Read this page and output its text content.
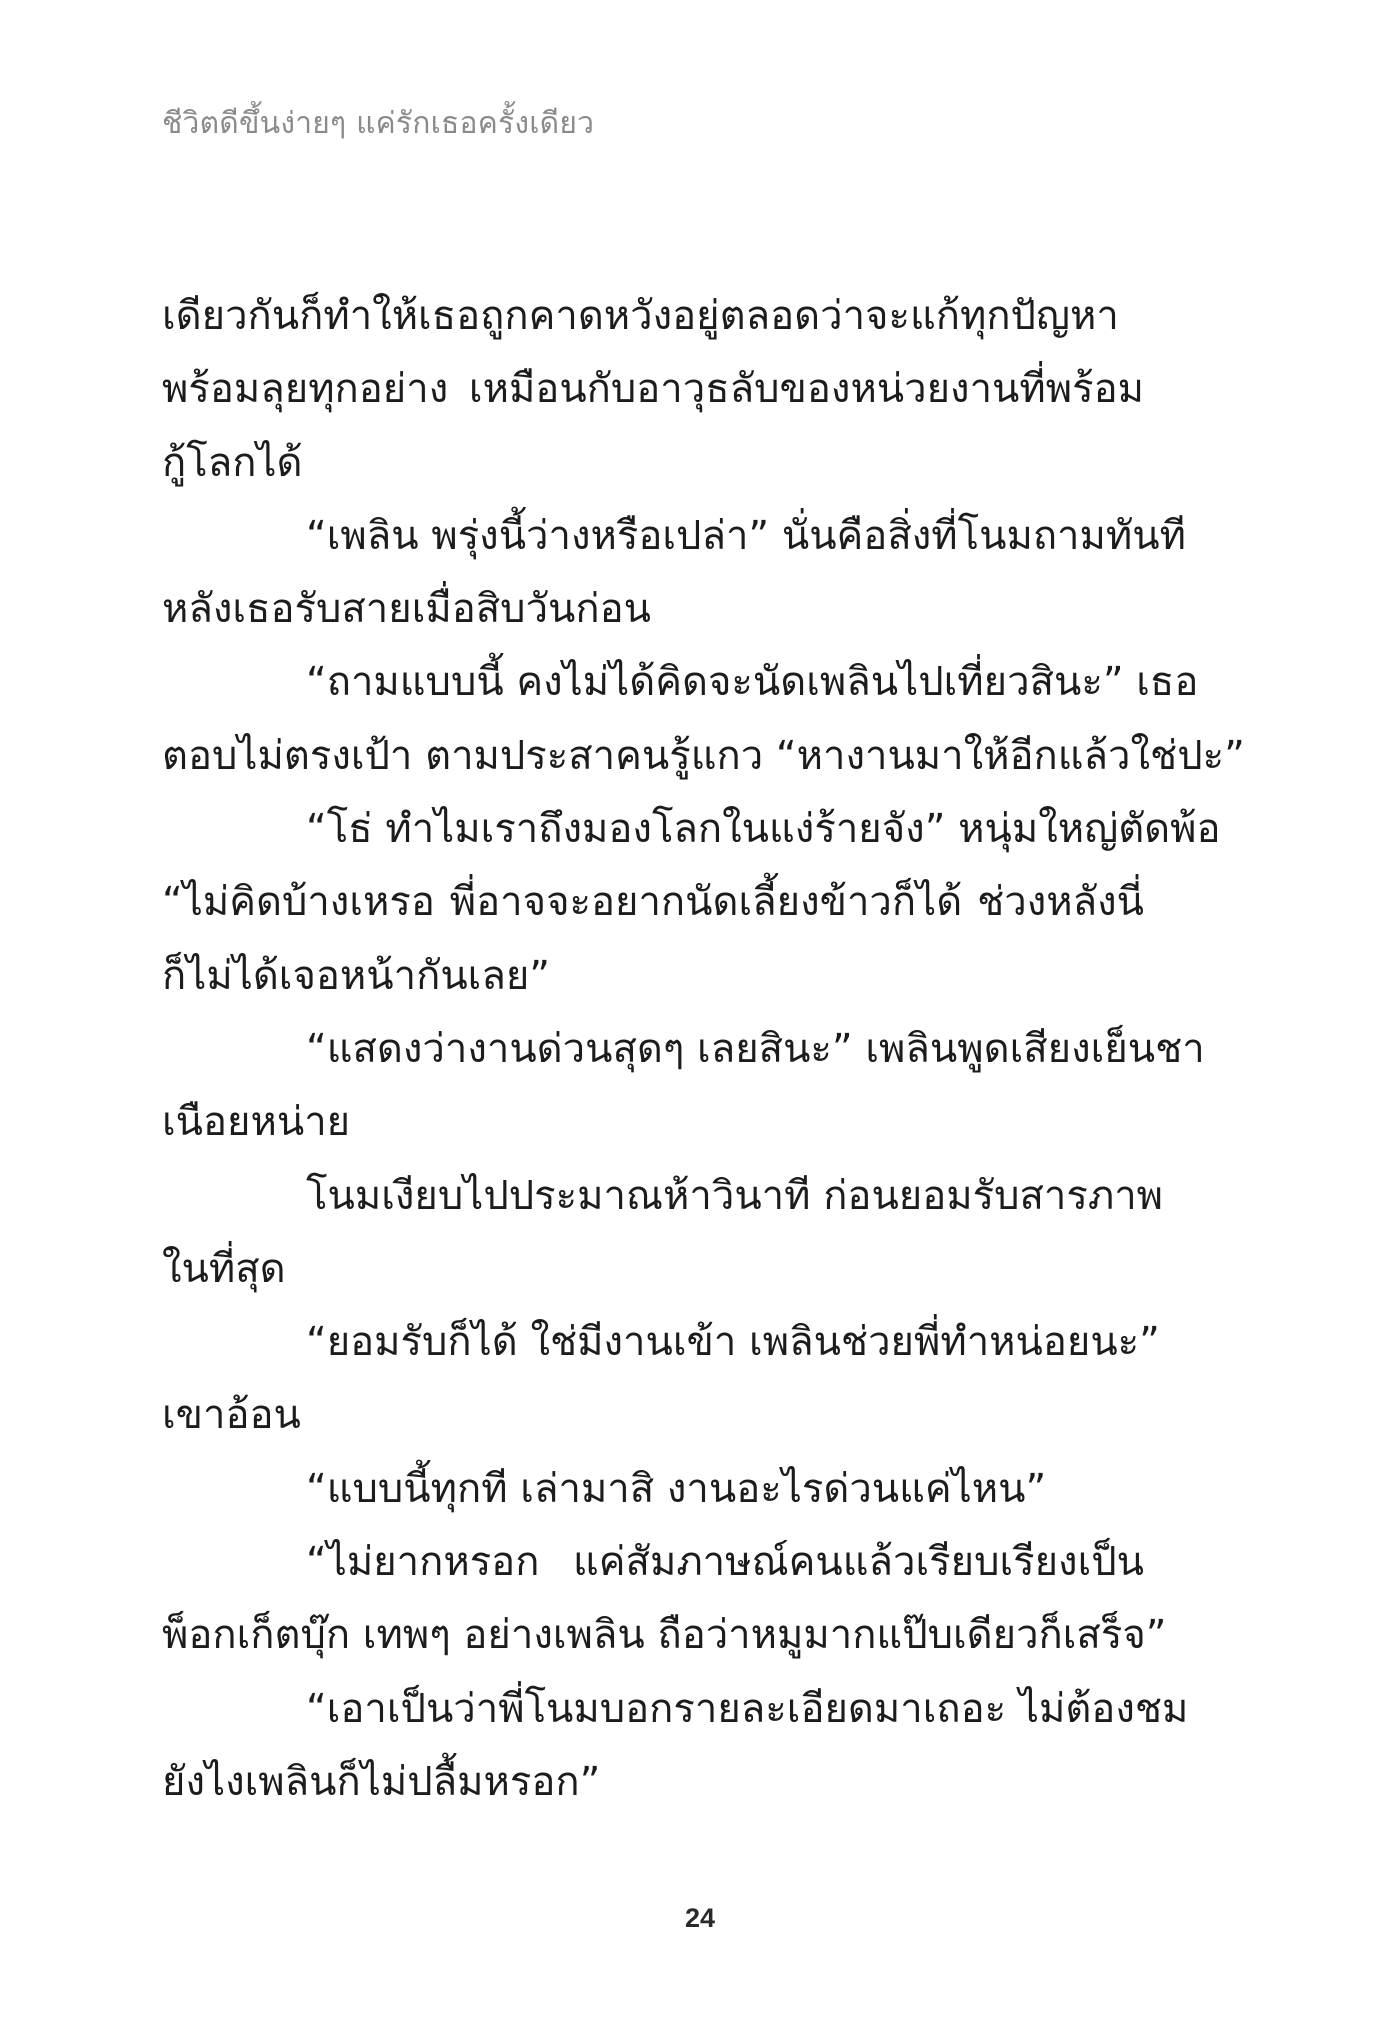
ชีวิตดีขึ้นง่ายๆ แค่รักเธอครั้งเดียว
เดียวกันก็ทำให้เธอถูกคาดหวังอยู่ตลอดว่าจะแก้ทุกปัญหา
พร้อมลุยทุกอย่าง เหมือนกับอาวุธลับของหน่วยงานที่พร้อม
กู้โลกได้
“เพลิน พรุ่งนี้ว่างหรือเปล่า” นั่นคือสิ่งที่โนมถามทันที
หลังเธอรับสายเมื่อสิบวันก่อน
“ถามแบบนี้ คงไม่ได้คิดจะนัดเพลินไปเที่ยวสินะ” เธอ
ตอบไม่ตรงเป้า ตามประสาคนรู้แกว “หางานมาให้อีกแล้วใช่ปะ”
“โธ่ ทำไมเราถึงมองโลกในแง่ร้ายจัง” หนุ่มใหญ่ตัดพ้อ
“ไม่คิดบ้างเหรอ พี่อาจจะอยากนัดเลี้ยงข้าวก็ได้ ช่วงหลังนี่
ก็ไม่ได้เจอหน้ากันเลย”
“แสดงว่างานด่วนสุดๆ เลยสินะ” เพลินพูดเสียงเย็นชา
เนือยหน่าย
โนมเงียบไปประมาณห้าวินาที ก่อนยอมรับสารภาพ
ในที่สุด
“ยอมรับก็ได้ ใช่มีงานเข้า เพลินช่วยพี่ทำหน่อยนะ”
เขาอ้อน
“แบบนี้ทุกที เล่ามาสิ งานอะไรด่วนแค่ไหน”
“ไม่ยากหรอก แค่สัมภาษณ์คนแล้วเรียบเรียงเป็น
พ็อกเก็ตบุ๊ก เทพๆ อย่างเพลิน ถือว่าหมูมากแป๊บเดียวก็เสร็จ”
“เอาเป็นว่าพี่โนมบอกรายละเอียดมาเถอะ ไม่ต้องชม
ยังไงเพลินก็ไม่ปลื้มหรอก”
24
